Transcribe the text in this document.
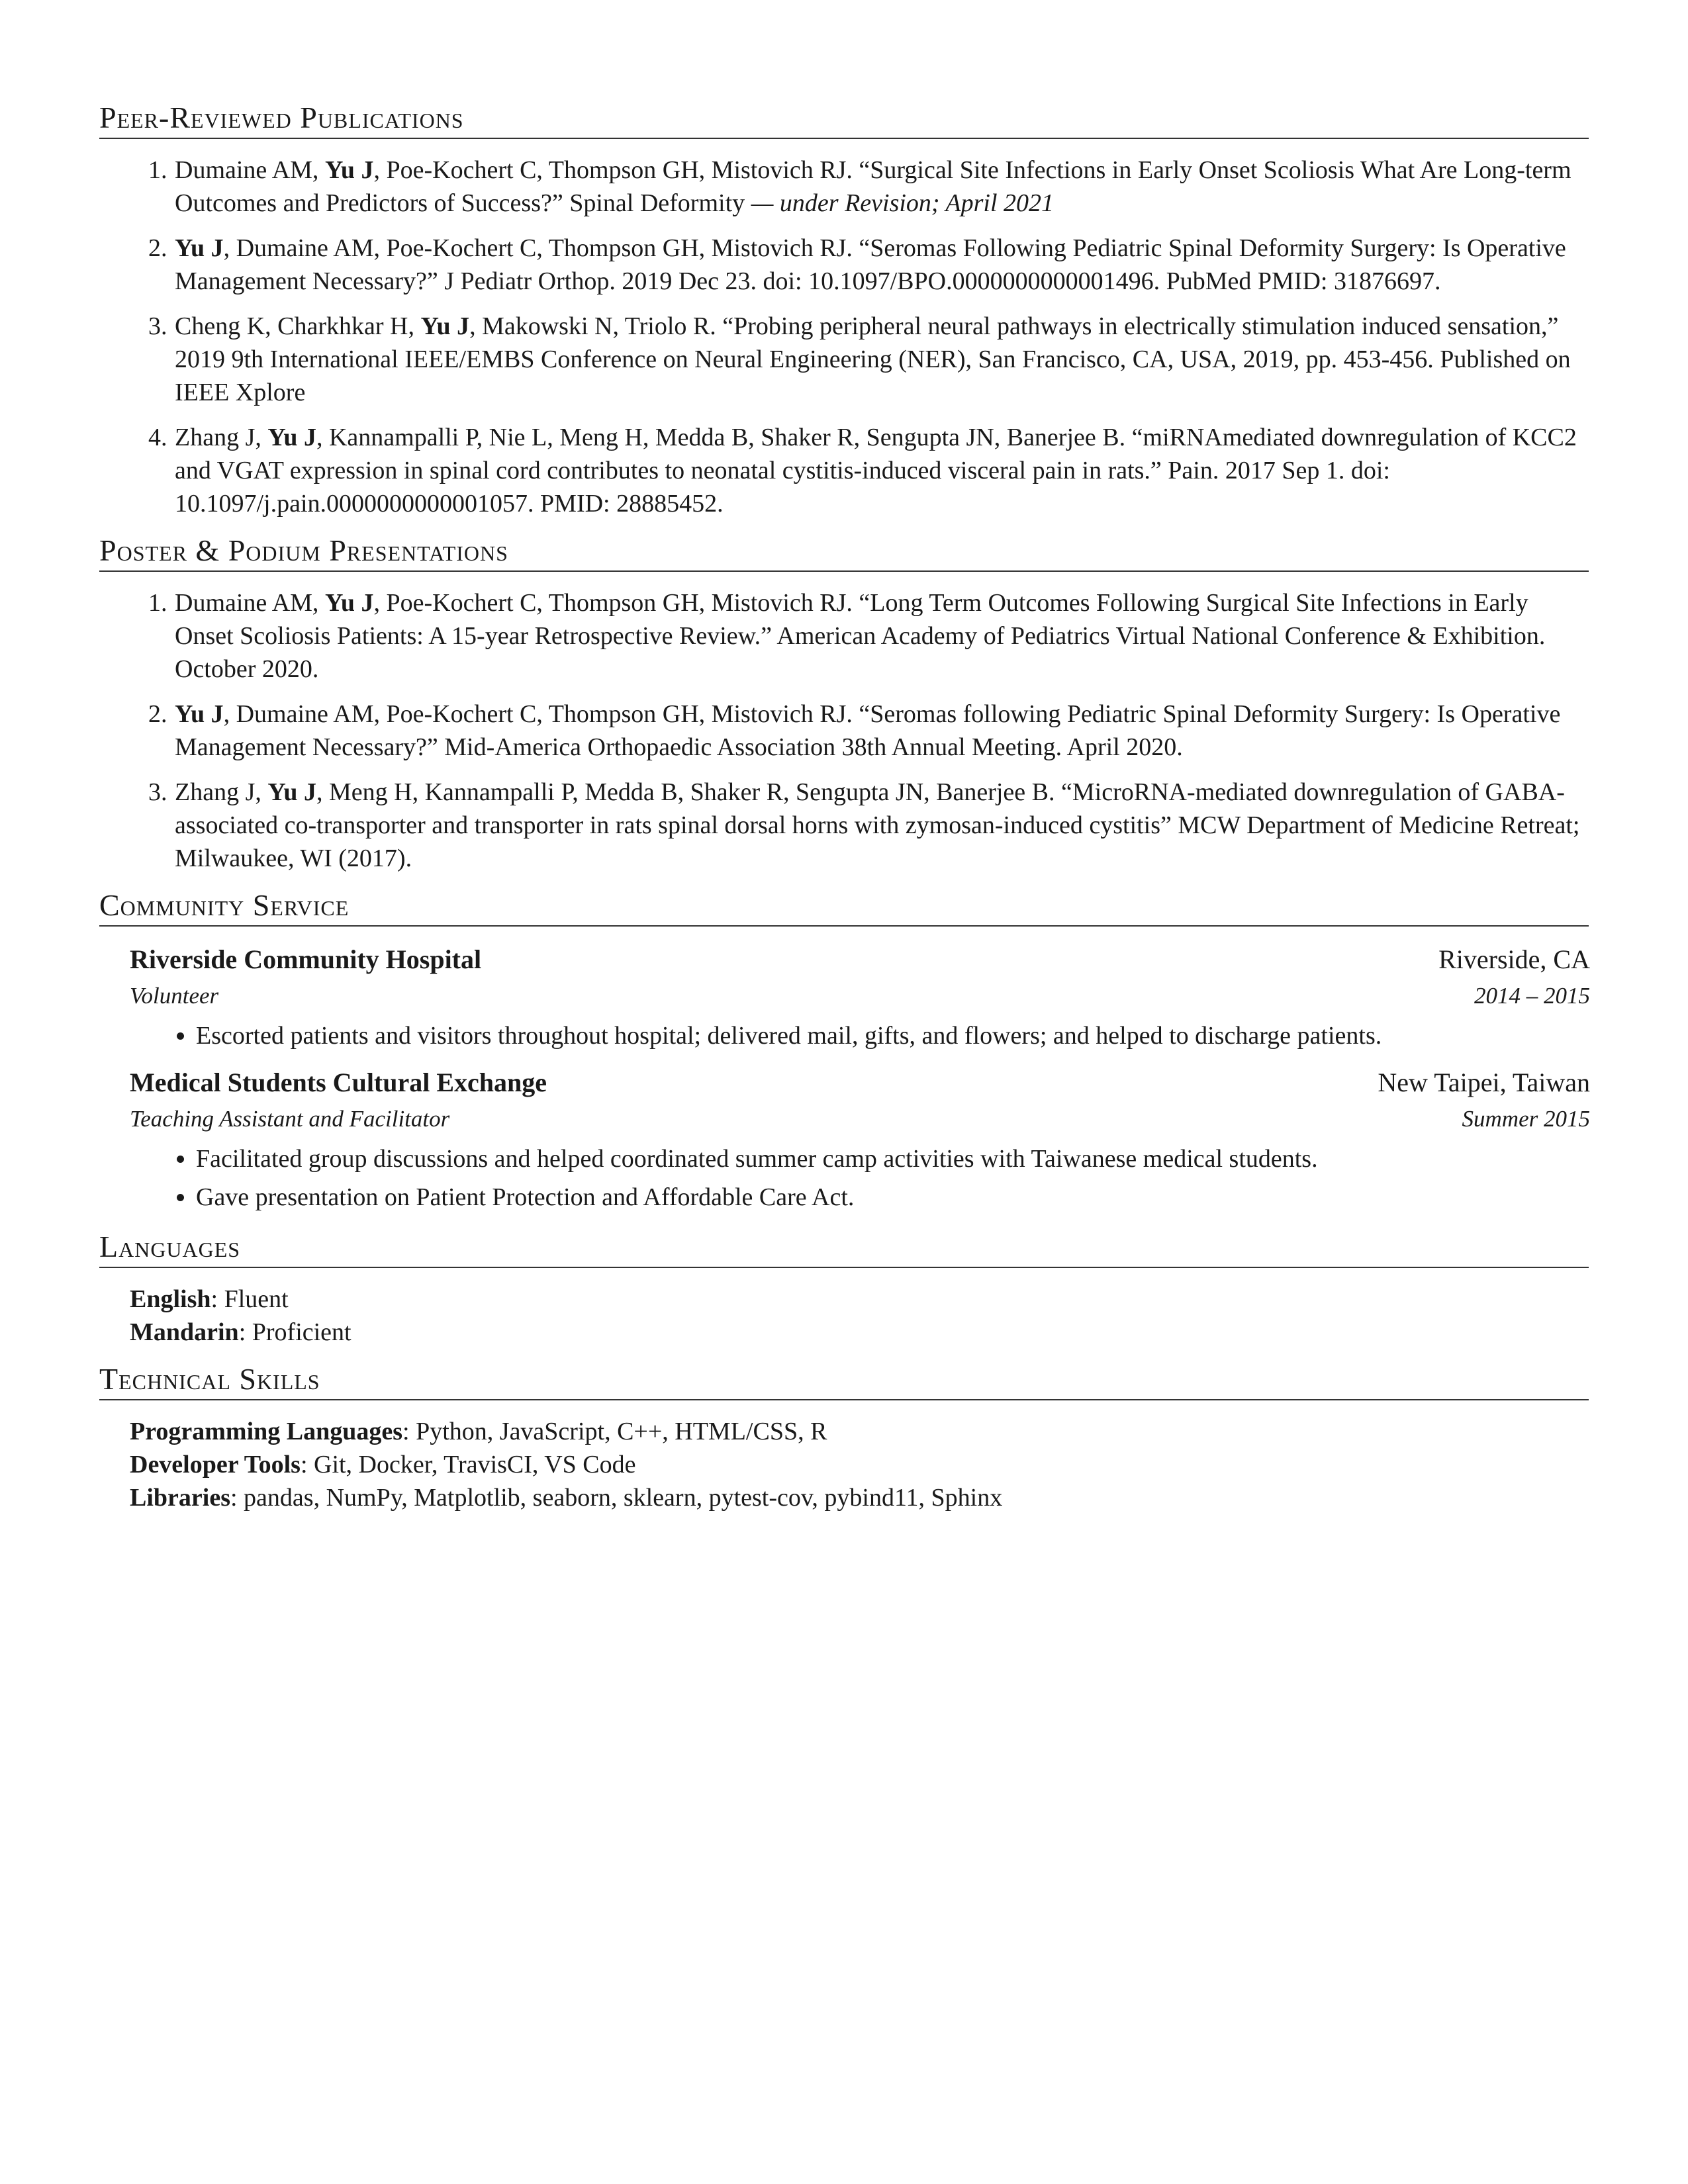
Peer-Reviewed Publications
1. Dumaine AM, Yu J, Poe-Kochert C, Thompson GH, Mistovich RJ. “Surgical Site Infections in Early Onset Scoliosis What Are Long-term Outcomes and Predictors of Success?” Spinal Deformity — under Revision; April 2021
2. Yu J, Dumaine AM, Poe-Kochert C, Thompson GH, Mistovich RJ. “Seromas Following Pediatric Spinal Deformity Surgery: Is Operative Management Necessary?” J Pediatr Orthop. 2019 Dec 23. doi: 10.1097/BPO.0000000000001496. PubMed PMID: 31876697.
3. Cheng K, Charkhkar H, Yu J, Makowski N, Triolo R. “Probing peripheral neural pathways in electrically stimulation induced sensation,” 2019 9th International IEEE/EMBS Conference on Neural Engineering (NER), San Francisco, CA, USA, 2019, pp. 453-456. Published on IEEE Xplore
4. Zhang J, Yu J, Kannampalli P, Nie L, Meng H, Medda B, Shaker R, Sengupta JN, Banerjee B. “miRNAmediated downregulation of KCC2 and VGAT expression in spinal cord contributes to neonatal cystitis-induced visceral pain in rats.” Pain. 2017 Sep 1. doi: 10.1097/j.pain.0000000000001057. PMID: 28885452.
Poster & Podium Presentations
1. Dumaine AM, Yu J, Poe-Kochert C, Thompson GH, Mistovich RJ. “Long Term Outcomes Following Surgical Site Infections in Early Onset Scoliosis Patients: A 15-year Retrospective Review.” American Academy of Pediatrics Virtual National Conference & Exhibition. October 2020.
2. Yu J, Dumaine AM, Poe-Kochert C, Thompson GH, Mistovich RJ. “Seromas following Pediatric Spinal Deformity Surgery: Is Operative Management Necessary?” Mid-America Orthopaedic Association 38th Annual Meeting. April 2020.
3. Zhang J, Yu J, Meng H, Kannampalli P, Medda B, Shaker R, Sengupta JN, Banerjee B. “MicroRNA-mediated downregulation of GABA-associated co-transporter and transporter in rats spinal dorsal horns with zymosan-induced cystitis” MCW Department of Medicine Retreat; Milwaukee, WI (2017).
Community Service
Riverside Community Hospital	Riverside, CA
Volunteer	2014 – 2015
• Escorted patients and visitors throughout hospital; delivered mail, gifts, and flowers; and helped to discharge patients.
Medical Students Cultural Exchange	New Taipei, Taiwan
Teaching Assistant and Facilitator	Summer 2015
• Facilitated group discussions and helped coordinated summer camp activities with Taiwanese medical students.
• Gave presentation on Patient Protection and Affordable Care Act.
Languages
English: Fluent
Mandarin: Proficient
Technical Skills
Programming Languages: Python, JavaScript, C++, HTML/CSS, R
Developer Tools: Git, Docker, TravisCI, VS Code
Libraries: pandas, NumPy, Matplotlib, seaborn, sklearn, pytest-cov, pybind11, Sphinx
